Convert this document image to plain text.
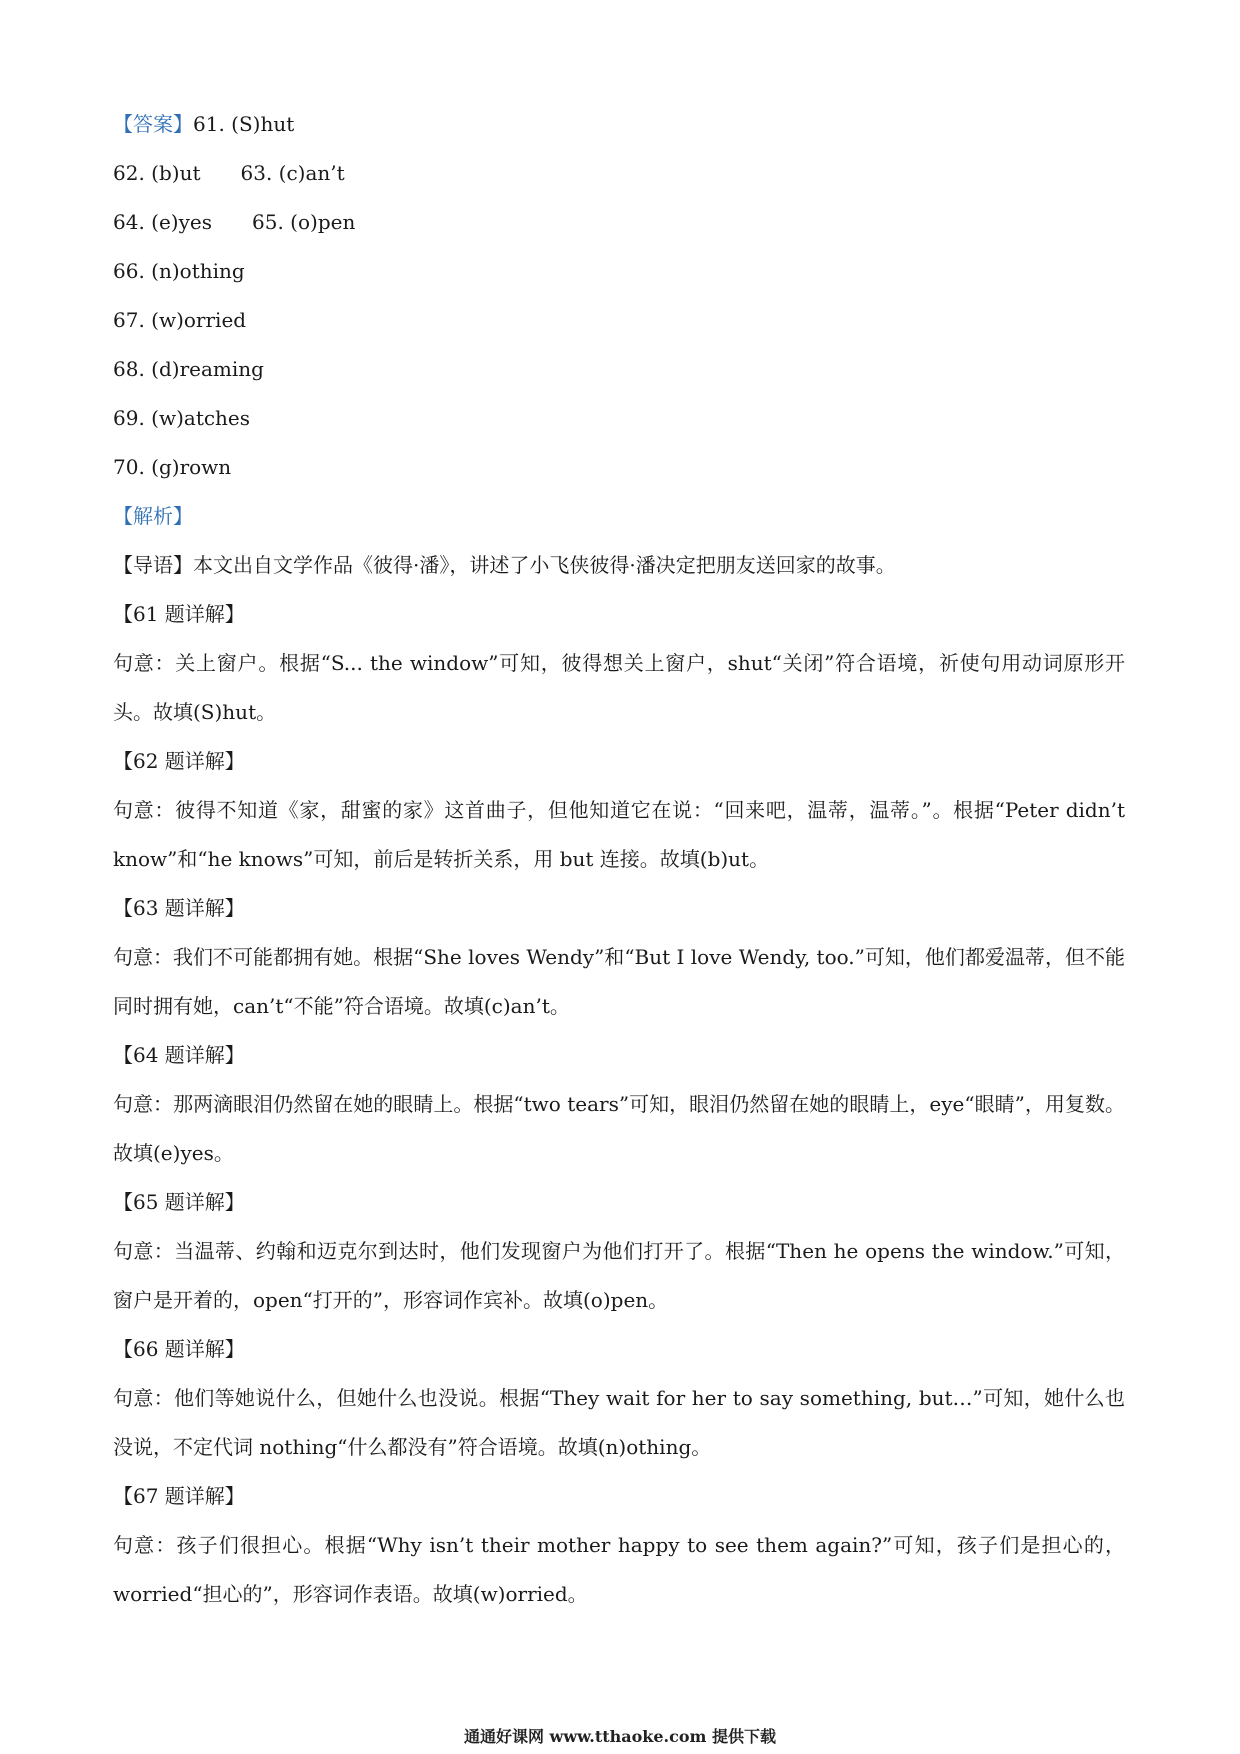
【答案】61. (S)hut
62. (b)ut 63. (c)an’t
64. (e)yes 65. (o)pen
66. (n)othing
67. (w)orried
68. (d)reaming
69. (w)atches
70. (g)rown
【解析】

【导语】本文出自文学作品《彼得·潘》，讲述了小飞侠彼得·潘决定把朋友送回家的故事。

【61 题详解】

句意：关上窗户。根据“S... the window”可知，彼得想关上窗户，shut“关闭”符合语境，祈使句用动词原形开头。故填(S)hut。

【62 题详解】

句意：彼得不知道《家，甜蜜的家》这首曲子，但他知道它在说：“回来吧，温蒂，温蒂。”。根据“Peter didn’t know”和“he knows”可知，前后是转折关系，用 but 连接。故填(b)ut。

【63 题详解】

句意：我们不可能都拥有她。根据“She loves Wendy”和“But I love Wendy, too.”可知，他们都爱温蒂，但不能同时拥有她，can’t“不能”符合语境。故填(c)an’t。

【64 题详解】

句意：那两滴眼泪仍然留在她的眼睛上。根据“two tears”可知，眼泪仍然留在她的眼睛上，eye“眼睛”，用复数。故填(e)yes。

【65 题详解】

句意：当温蒂、约翰和迈克尔到达时，他们发现窗户为他们打开了。根据“Then he opens the window.”可知，窗户是开着的，open“打开的”，形容词作宾补。故填(o)pen。

【66 题详解】

句意：他们等她说什么，但她什么也没说。根据“They wait for her to say something, but…”可知，她什么也没说，不定代词 nothing“什么都没有”符合语境。故填(n)othing。

【67 题详解】

句意：孩子们很担心。根据“Why isn’t their mother happy to see them again?”可知，孩子们是担心的，worried“担心的”，形容词作表语。故填(w)orried。

通通好课网 www.tthaoke.com 提供下载
